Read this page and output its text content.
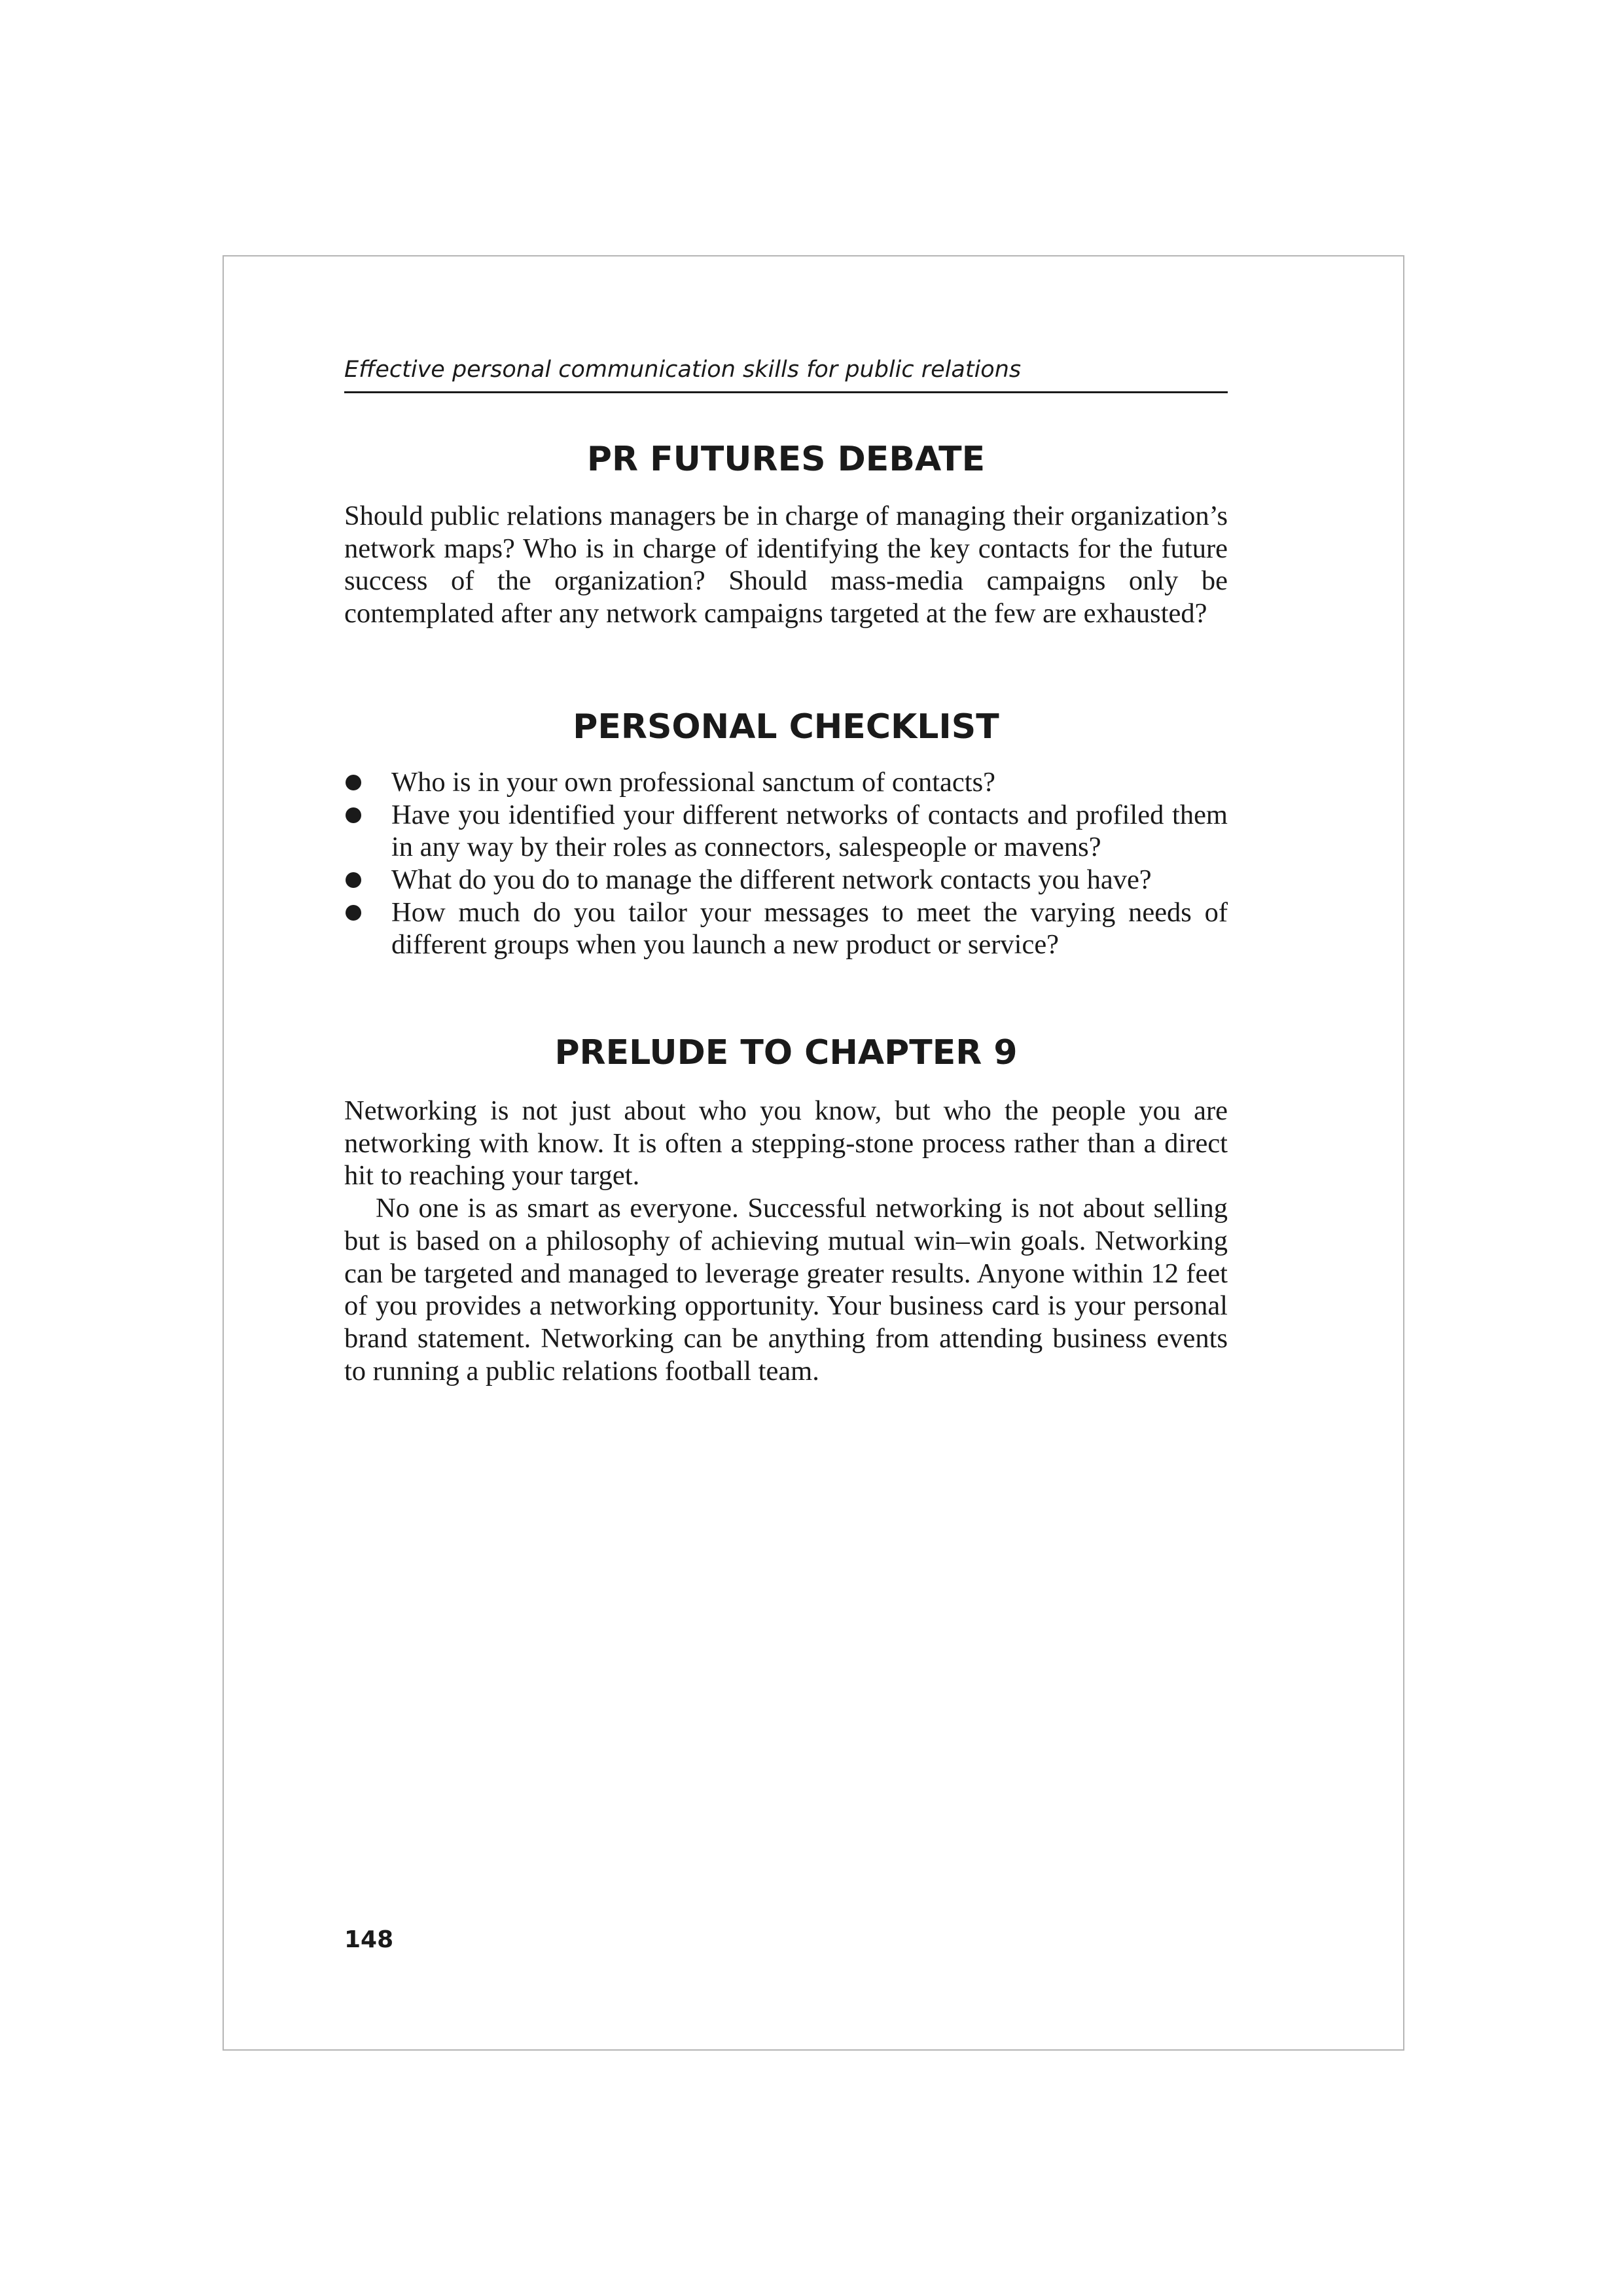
Effective personal communication skills for public relations
PR FUTURES DEBATE

Should public relations managers be in charge of managing their organization’s network maps? Who is in charge of identifying the key contacts for the future success of the organization? Should mass-media campaigns only be contemplated after any network campaigns targeted at the few are exhausted?

PERSONAL CHECKLIST
Who is in your own professional sanctum of contacts?
Have you identified your different networks of contacts and profiled them in any way by their roles as connectors, salespeople or mavens?
What do you do to manage the different network contacts you have?
How much do you tailor your messages to meet the varying needs of different groups when you launch a new product or service?
PRELUDE TO CHAPTER 9

Networking is not just about who you know, but who the people you are networking with know. It is often a stepping-stone process rather than a direct hit to reaching your target.

No one is as smart as everyone. Successful networking is not about selling but is based on a philosophy of achieving mutual win–win goals. Networking can be targeted and managed to leverage greater results. Anyone within 12 feet of you provides a networking opportunity. Your business card is your personal brand statement. Networking can be anything from attending business events to running a public relations football team.

148
